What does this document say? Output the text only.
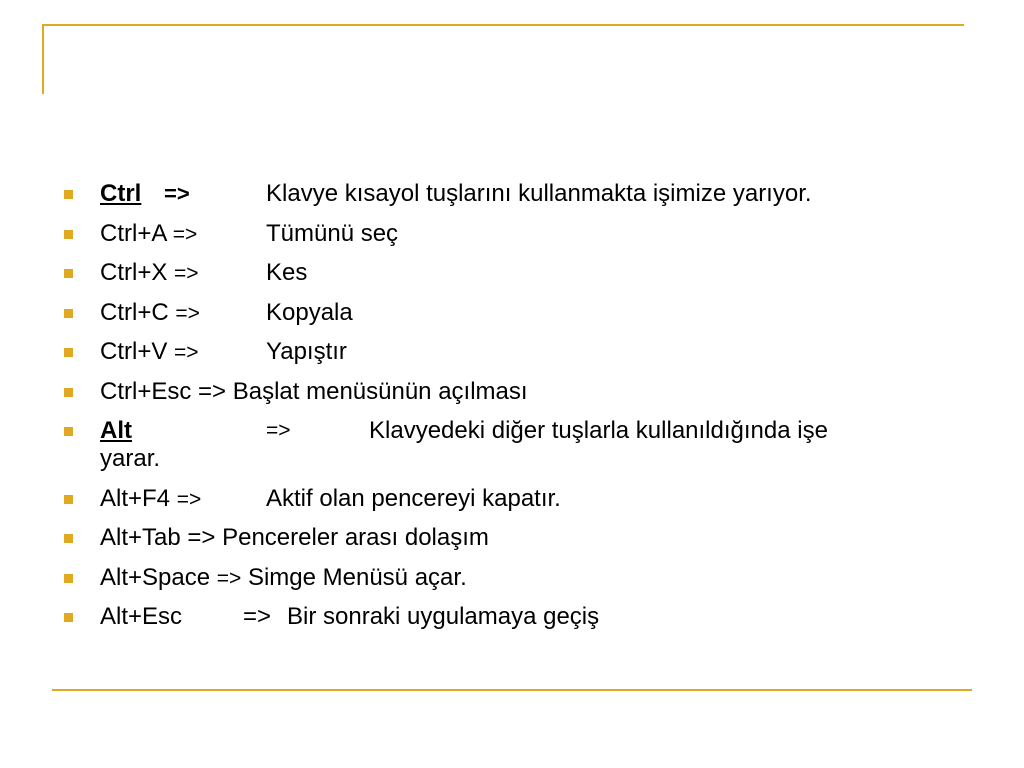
Ctrl =>	Klavye kısayol tuşlarını kullanmakta işimize yarıyor.
Ctrl+A =>	Tümünü seç
Ctrl+X =>	Kes
Ctrl+C =>	Kopyala
Ctrl+V =>	Yapıştır
Ctrl+Esc => Başlat menüsünün açılması
Alt	=>	Klavyedeki diğer tuşlarla kullanıldığında işe
yarar.
Alt+F4 =>	Aktif olan pencereyi kapatır.
Alt+Tab => Pencereler arası dolaşım
Alt+Space => Simge Menüsü açar.
Alt+Esc	=> Bir sonraki uygulamaya geçiş
